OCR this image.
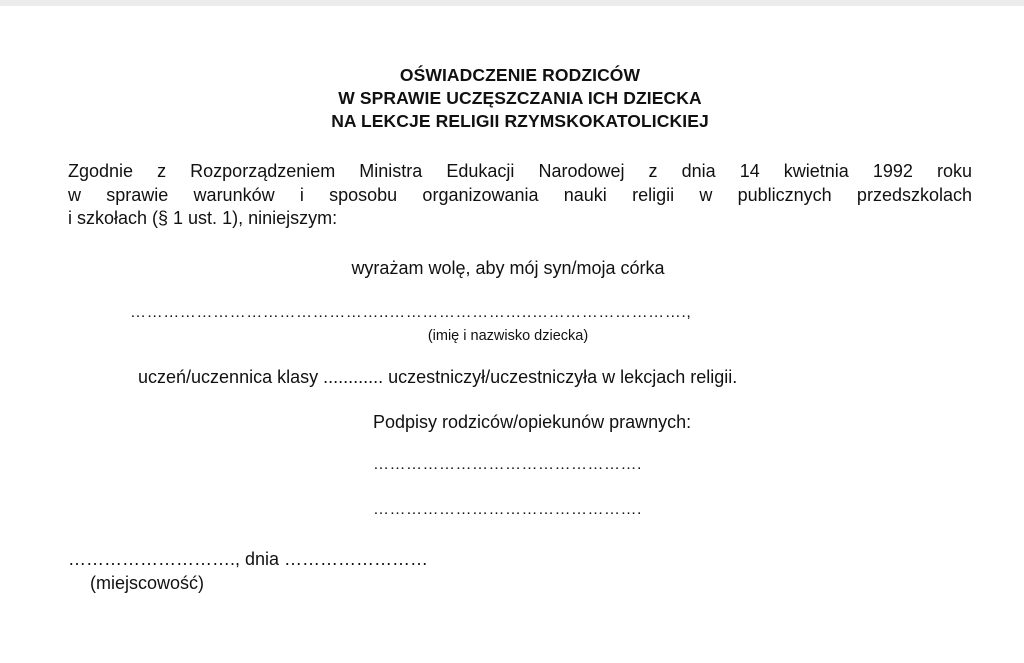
OŚWIADCZENIE RODZICÓW
W SPRAWIE UCZĘSZCZANIA ICH DZIECKA
NA LEKCJE RELIGII RZYMSKOKATOLICKIEJ
Zgodnie z Rozporządzeniem Ministra Edukacji Narodowej z dnia 14 kwietnia 1992 roku
w sprawie warunków i sposobu organizowania nauki religii w publicznych przedszkolach
i szkołach (§ 1 ust. 1), niniejszym:
wyrażam wolę, aby mój syn/moja córka
………………………………………..……………………..……………………….,
(imię i nazwisko dziecka)
uczeń/uczennica klasy ............ uczestniczył/uczestniczyła w lekcjach religii.
Podpisy rodziców/opiekunów prawnych:
………………………………………….
………………………………………….
………………………., dnia ……………………
(miejscowość)
